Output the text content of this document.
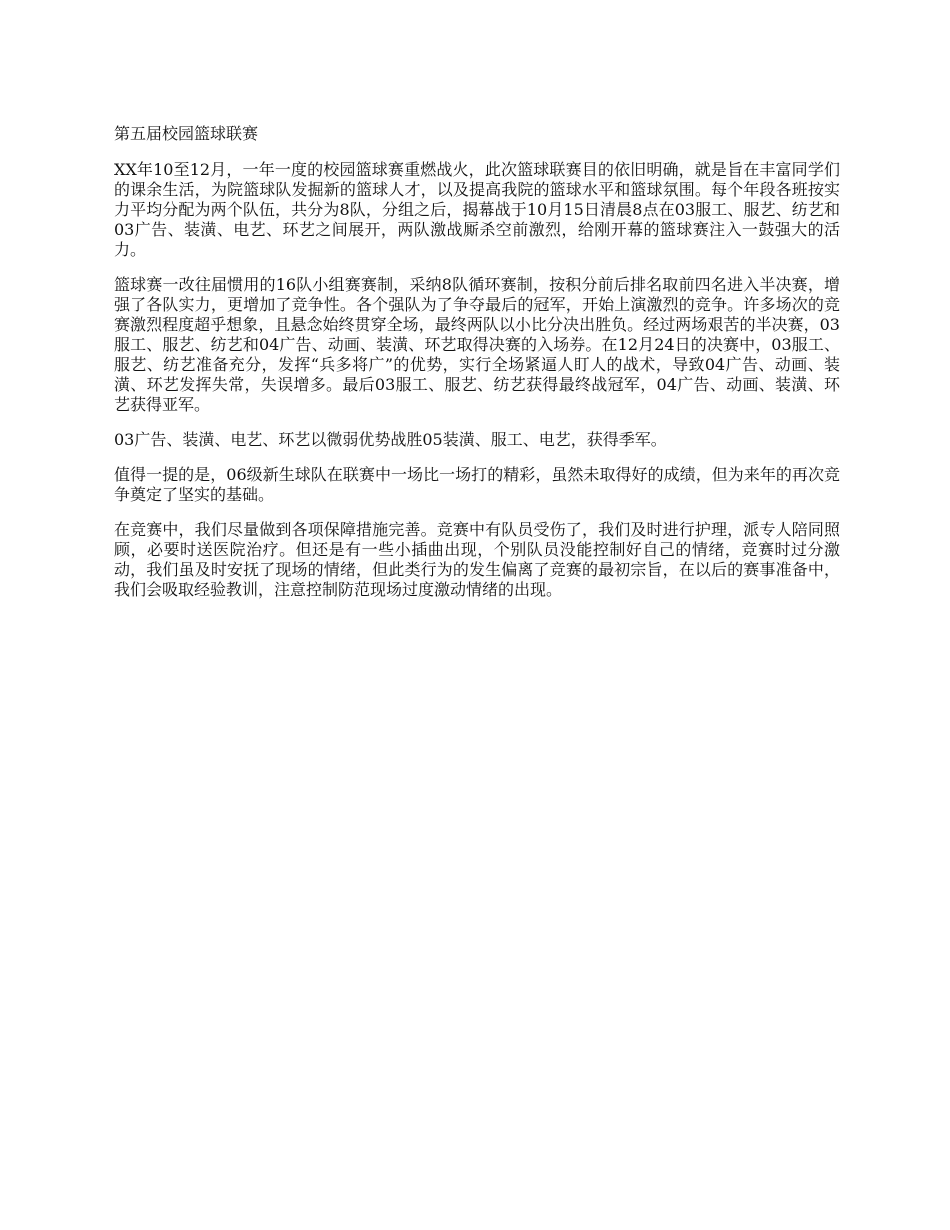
第五届校园篮球联赛

XX年10至12月，一年一度的校园篮球赛重燃战火，此次篮球联赛目的依旧明确，就是旨在丰富同学们的课余生活，为院篮球队发掘新的篮球人才，以及提高我院的篮球水平和篮球氛围。每个年段各班按实力平均分配为两个队伍，共分为8队，分组之后，揭幕战于10月15日清晨8点在03服工、服艺、纺艺和03广告、装潢、电艺、环艺之间展开，两队激战厮杀空前激烈，给刚开幕的篮球赛注入一鼓强大的活力。

篮球赛一改往届惯用的16队小组赛赛制，采纳8队循环赛制，按积分前后排名取前四名进入半决赛，增强了各队实力，更增加了竞争性。各个强队为了争夺最后的冠军，开始上演激烈的竞争。许多场次的竞赛激烈程度超乎想象，且悬念始终贯穿全场，最终两队以小比分决出胜负。经过两场艰苦的半决赛，03服工、服艺、纺艺和04广告、动画、装潢、环艺取得决赛的入场券。在12月24日的决赛中，03服工、服艺、纺艺准备充分，发挥“兵多将广”的优势，实行全场紧逼人盯人的战术，导致04广告、动画、装潢、环艺发挥失常，失误增多。最后03服工、服艺、纺艺获得最终战冠军，04广告、动画、装潢、环艺获得亚军。

03广告、装潢、电艺、环艺以微弱优势战胜05装潢、服工、电艺，获得季军。

值得一提的是，06级新生球队在联赛中一场比一场打的精彩，虽然未取得好的成绩，但为来年的再次竞争奠定了坚实的基础。

在竞赛中，我们尽量做到各项保障措施完善。竞赛中有队员受伤了，我们及时进行护理，派专人陪同照顾，必要时送医院治疗。但还是有一些小插曲出现，个别队员没能控制好自己的情绪，竞赛时过分激动，我们虽及时安抚了现场的情绪，但此类行为的发生偏离了竞赛的最初宗旨，在以后的赛事准备中，我们会吸取经验教训，注意控制防范现场过度激动情绪的出现。
